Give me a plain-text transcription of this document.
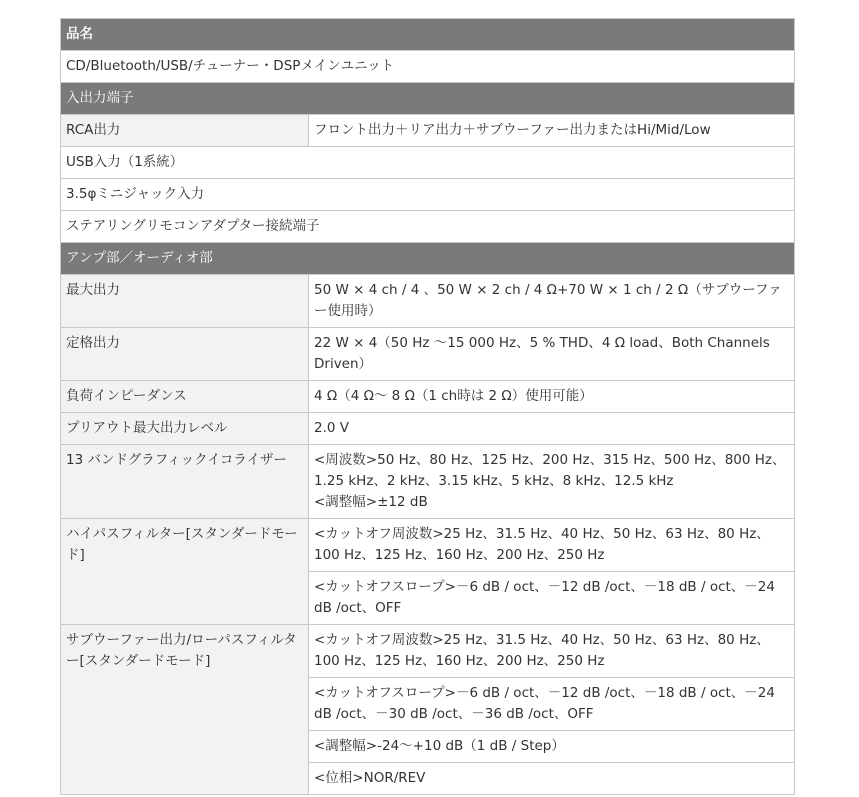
品名	
CD/Bluetooth/USB/チューナー・DSPメインユニット	
入出力端子	
RCA出力	フロント出力＋リア出力＋サブウーファー出力またはHi/Mid/Low
USB入力（1系統）	
3.5φミニジャック入力	
ステアリングリモコンアダプター接続端子	
アンプ部／オーディオ部	
最大出力	50 W × 4 ch / 4 、50 W × 2 ch / 4 Ω+70 W × 1 ch / 2 Ω（サブウーファー使用時）
定格出力	22 W × 4（50 Hz ～15 000 Hz、5 % THD、4 Ω load、Both Channels Driven）
負荷インピーダンス	4 Ω（4 Ω～ 8 Ω（1 ch時は 2 Ω）使用可能）
プリアウト最大出力レベル	2.0 V
13 バンドグラフィックイコライザー	<周波数>50 Hz、80 Hz、125 Hz、200 Hz、315 Hz、500 Hz、800 Hz、1.25 kHz、2 kHz、3.15 kHz、5 kHz、8 kHz、12.5 kHz
<調整幅>±12 dB

ハイパスフィルター[スタンダードモード]	<カットオフ周波数>25 Hz、31.5 Hz、40 Hz、50 Hz、63 Hz、80 Hz、100 Hz、125 Hz、160 Hz、200 Hz、250 Hz
	<カットオフスロープ>－6 dB / oct、－12 dB /oct、－18 dB / oct、－24 dB /oct、OFF
サブウーファー出力/ローパスフィルター[スタンダードモード]	<カットオフ周波数>25 Hz、31.5 Hz、40 Hz、50 Hz、63 Hz、80 Hz、100 Hz、125 Hz、160 Hz、200 Hz、250 Hz
	<カットオフスロープ>－6 dB / oct、－12 dB /oct、－18 dB / oct、－24 dB /oct、－30 dB /oct、－36 dB /oct、OFF
	<調整幅>-24～+10 dB（1 dB / Step）
	<位相>NOR/REV
